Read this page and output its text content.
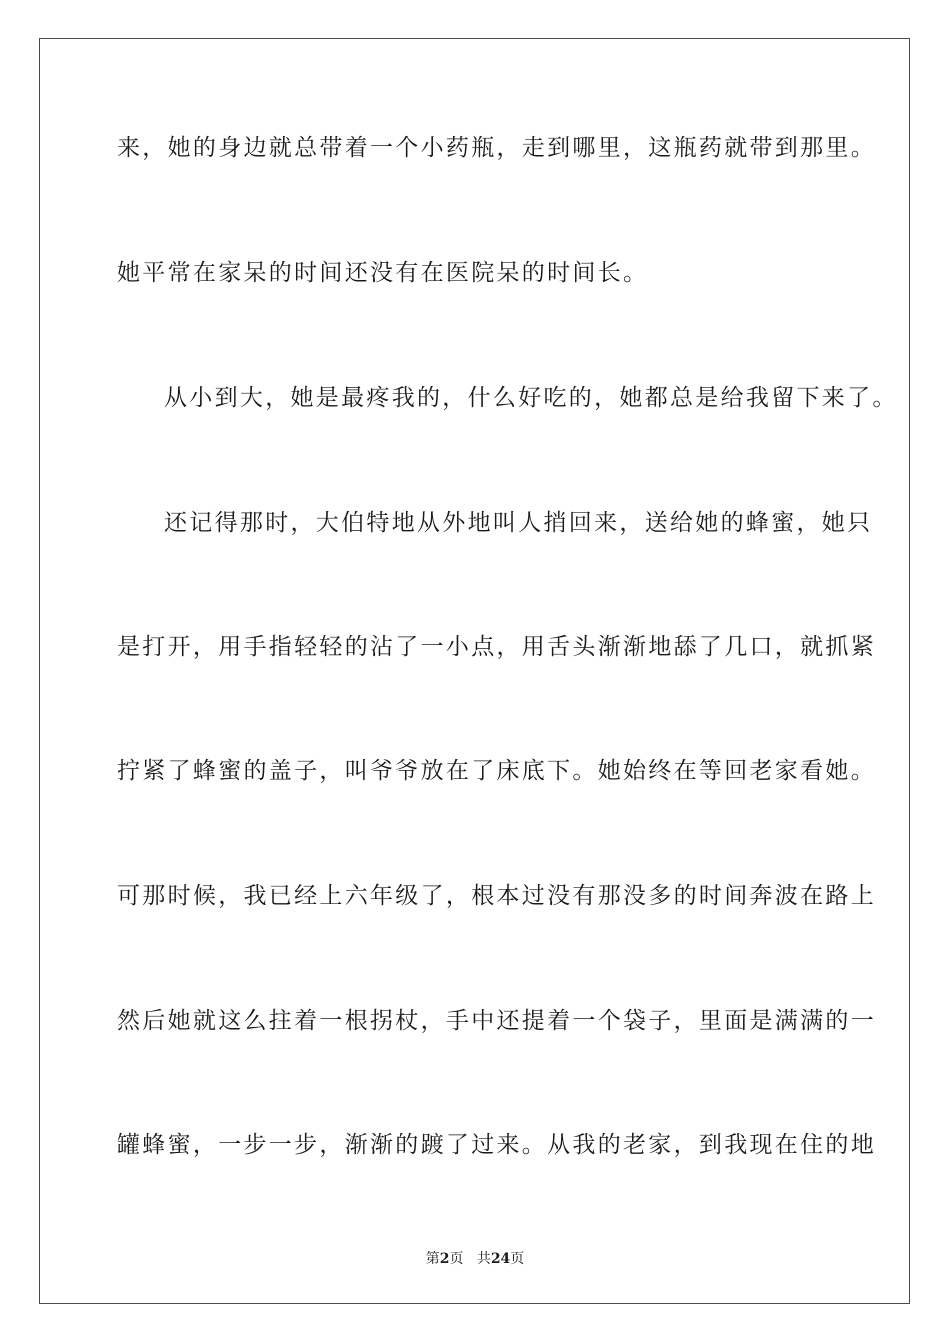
来，她的身边就总带着一个小药瓶，走到哪里，这瓶药就带到那里。
她平常在家呆的时间还没有在医院呆的时间长。
从小到大，她是最疼我的，什么好吃的，她都总是给我留下来了。
还记得那时，大伯特地从外地叫人捎回来，送给她的蜂蜜，她只
是打开，用手指轻轻的沾了一小点，用舌头渐渐地舔了几口，就抓紧
拧紧了蜂蜜的盖子，叫爷爷放在了床底下。她始终在等回老家看她。
可那时候，我已经上六年级了，根本过没有那没多的时间奔波在路上
然后她就这么拄着一根拐杖，手中还提着一个袋子，里面是满满的一
罐蜂蜜，一步一步，渐渐的踱了过来。从我的老家，到我现在住的地
第2页 共24页
